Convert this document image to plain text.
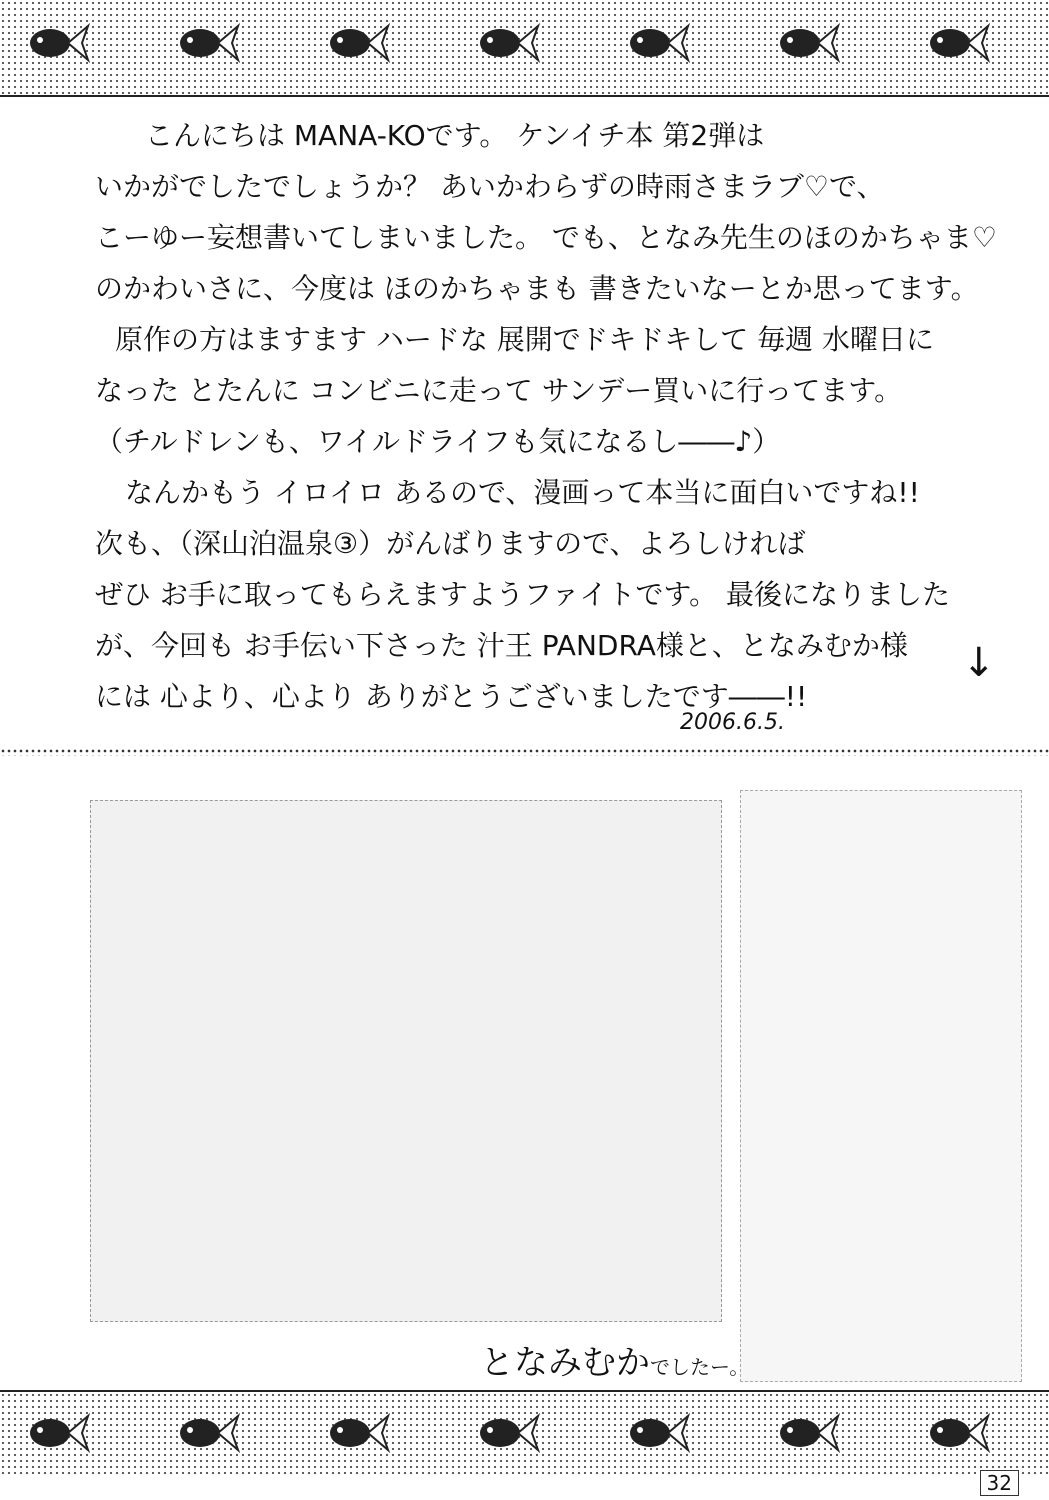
こんにちは MANA-KOです。 ケンイチ本 第2弾は

いかがでしたでしょうか？ あいかわらずの時雨さまラブ♡で、

こーゆー妄想書いてしまいました。 でも、となみ先生のほのかちゃま♡

のかわいさに、今度は ほのかちゃまも 書きたいなーとか思ってます。

原作の方はますます ハードな 展開でドキドキして 毎週 水曜日に

なった とたんに コンビニに走って サンデー買いに行ってます。

（チルドレンも、ワイルドライフも気になるし――♪）

なんかもう イロイロ あるので、漫画って本当に面白いですね!!

次も、（深山泊温泉③）がんばりますので、よろしければ

ぜひ お手に取ってもらえますようファイトです。 最後になりました

が、今回も お手伝い下さった 汁王 PANDRA様と、となみむか様

には 心より、心より ありがとうございましたです――!!

2006.6.5.
↓
となみむかでしたー。
32
